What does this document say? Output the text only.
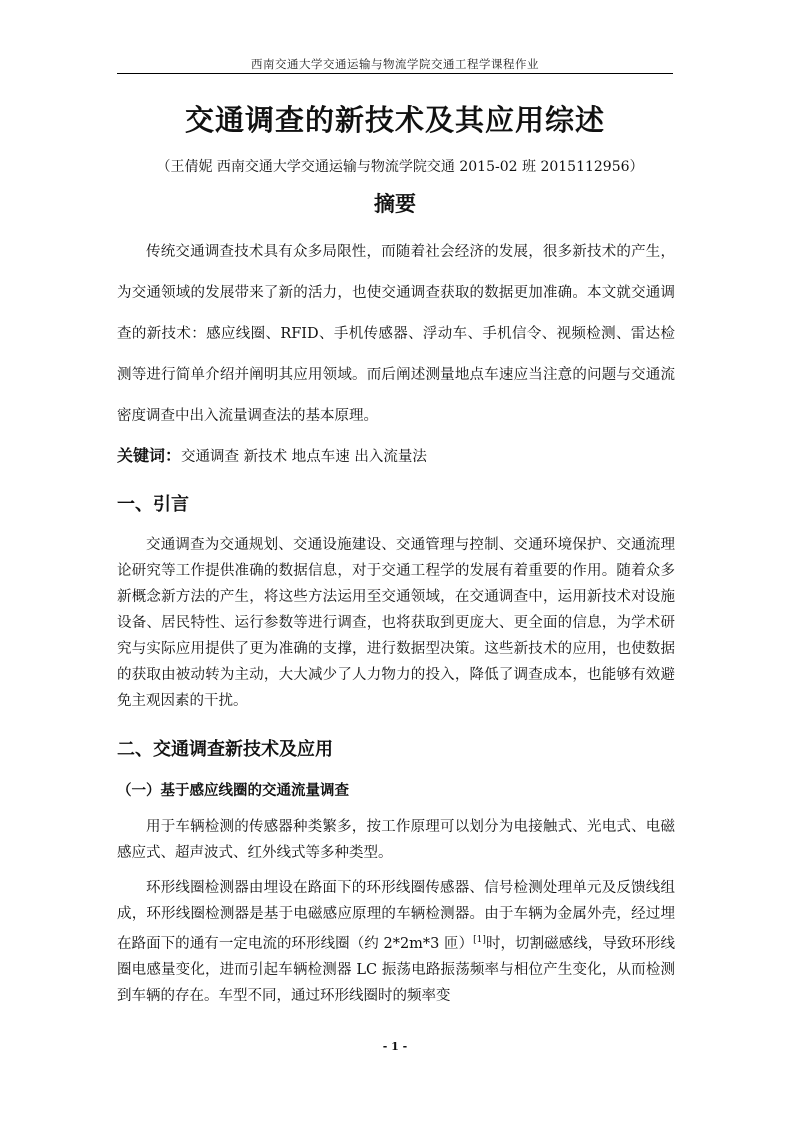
西南交通大学交通运输与物流学院交通工程学课程作业
交通调查的新技术及其应用综述
（王倩妮 西南交通大学交通运输与物流学院交通 2015-02 班 2015112956）
摘要

传统交通调查技术具有众多局限性，而随着社会经济的发展，很多新技术的产生，为交通领域的发展带来了新的活力，也使交通调查获取的数据更加准确。本文就交通调查的新技术：感应线圈、RFID、手机传感器、浮动车、手机信令、视频检测、雷达检测等进行简单介绍并阐明其应用领域。而后阐述测量地点车速应当注意的问题与交通流密度调查中出入流量调查法的基本原理。

关键词：交通调查 新技术 地点车速 出入流量法
一、引言

交通调查为交通规划、交通设施建设、交通管理与控制、交通环境保护、交通流理论研究等工作提供准确的数据信息，对于交通工程学的发展有着重要的作用。随着众多新概念新方法的产生，将这些方法运用至交通领域，在交通调查中，运用新技术对设施设备、居民特性、运行参数等进行调查，也将获取到更庞大、更全面的信息，为学术研究与实际应用提供了更为准确的支撑，进行数据型决策。这些新技术的应用，也使数据的获取由被动转为主动，大大减少了人力物力的投入，降低了调查成本，也能够有效避免主观因素的干扰。

二、交通调查新技术及应用
（一）基于感应线圈的交通流量调查

用于车辆检测的传感器种类繁多，按工作原理可以划分为电接触式、光电式、电磁感应式、超声波式、红外线式等多种类型。

环形线圈检测器由埋设在路面下的环形线圈传感器、信号检测处理单元及反馈线组成，环形线圈检测器是基于电磁感应原理的车辆检测器。由于车辆为金属外壳，经过埋在路面下的通有一定电流的环形线圈（约 2*2m*3 匝）[1]时，切割磁感线，导致环形线圈电感量变化，进而引起车辆检测器 LC 振荡电路振荡频率与相位产生变化，从而检测到车辆的存在。车型不同，通过环形线圈时的频率变

- 1 -
